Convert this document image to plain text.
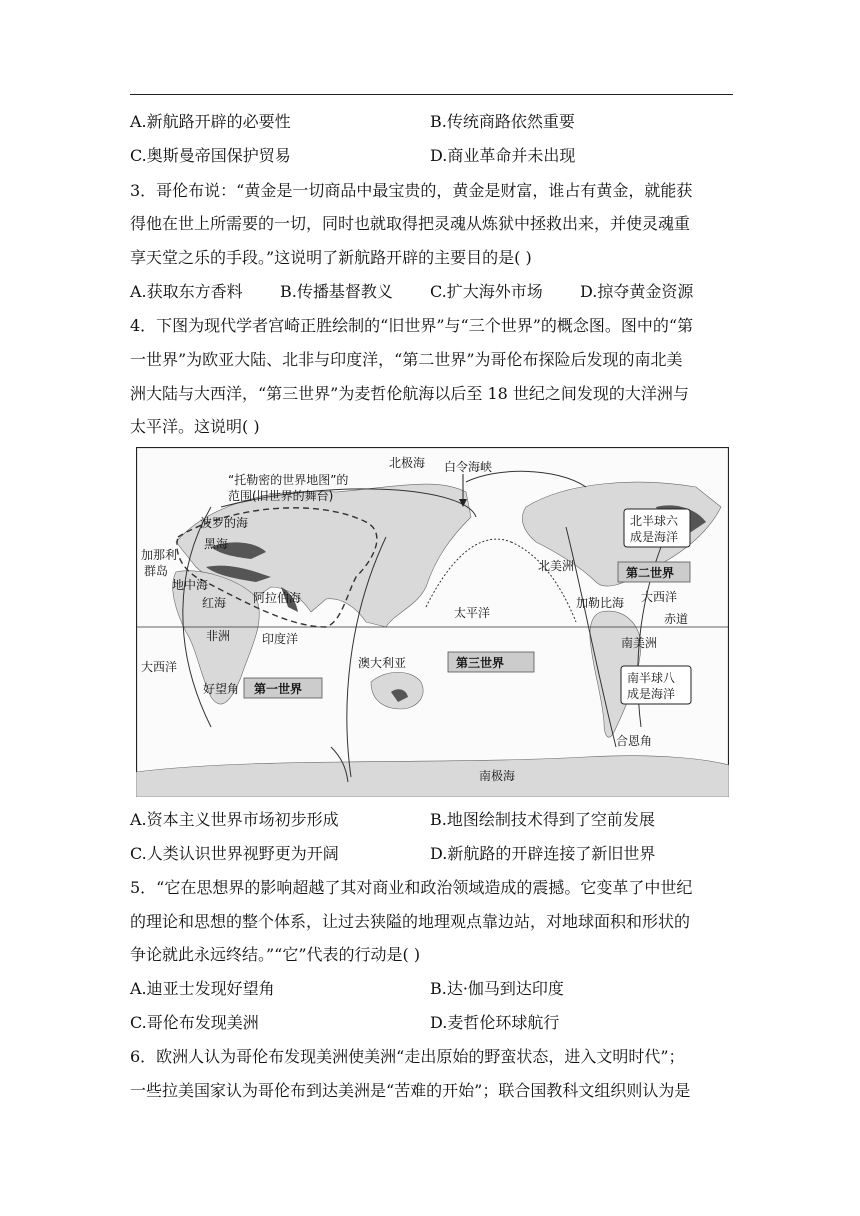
A.新航路开辟的必要性	B.传统商路依然重要
C.奥斯曼帝国保护贸易	D.商业革命并未出现
3．哥伦布说：“黄金是一切商品中最宝贵的，黄金是财富，谁占有黄金，就能获
得他在世上所需要的一切，同时也就取得把灵魂从炼狱中拯救出来，并使灵魂重
享天堂之乐的手段。”这说明了新航路开辟的主要目的是( )
A.获取东方香料 B.传播基督教义 C.扩大海外市场 D.掠夺黄金资源
4．下图为现代学者宫崎正胜绘制的“旧世界”与“三个世界”的概念图。图中的“第
一世界”为欧亚大陆、北非与印度洋，“第二世界”为哥伦布探险后发现的南北美
洲大陆与大西洋，“第三世界”为麦哲伦航海以后至 18 世纪之间发现的大洋洲与
太平洋。这说明( )
北极海 白令海峡
“托勒密的世界地图”的
范围(旧世界的舞台)
波罗的海
黑海
加那利
群岛
地中海
红海 阿拉伯海
太平洋
北美洲
北半球六
成是海洋
第二世界
加勒比海 大西洋
赤道
非洲	印度洋
大西洋	澳大利亚	第三世界
南美洲
南半球八
成是海洋
好望角 第一世界
合恩角
南极海
A.资本主义世界市场初步形成	B.地图绘制技术得到了空前发展
C.人类认识世界视野更为开阔	D.新航路的开辟连接了新旧世界
5．“它在思想界的影响超越了其对商业和政治领域造成的震撼。它变革了中世纪
的理论和思想的整个体系，让过去狭隘的地理观点靠边站，对地球面积和形状的
争论就此永远终结。”“它”代表的行动是( )
A.迪亚士发现好望角	B.达·伽马到达印度
C.哥伦布发现美洲	D.麦哲伦环球航行
6．欧洲人认为哥伦布发现美洲使美洲“走出原始的野蛮状态，进入文明时代”；
一些拉美国家认为哥伦布到达美洲是“苦难的开始”；联合国教科文组织则认为是
